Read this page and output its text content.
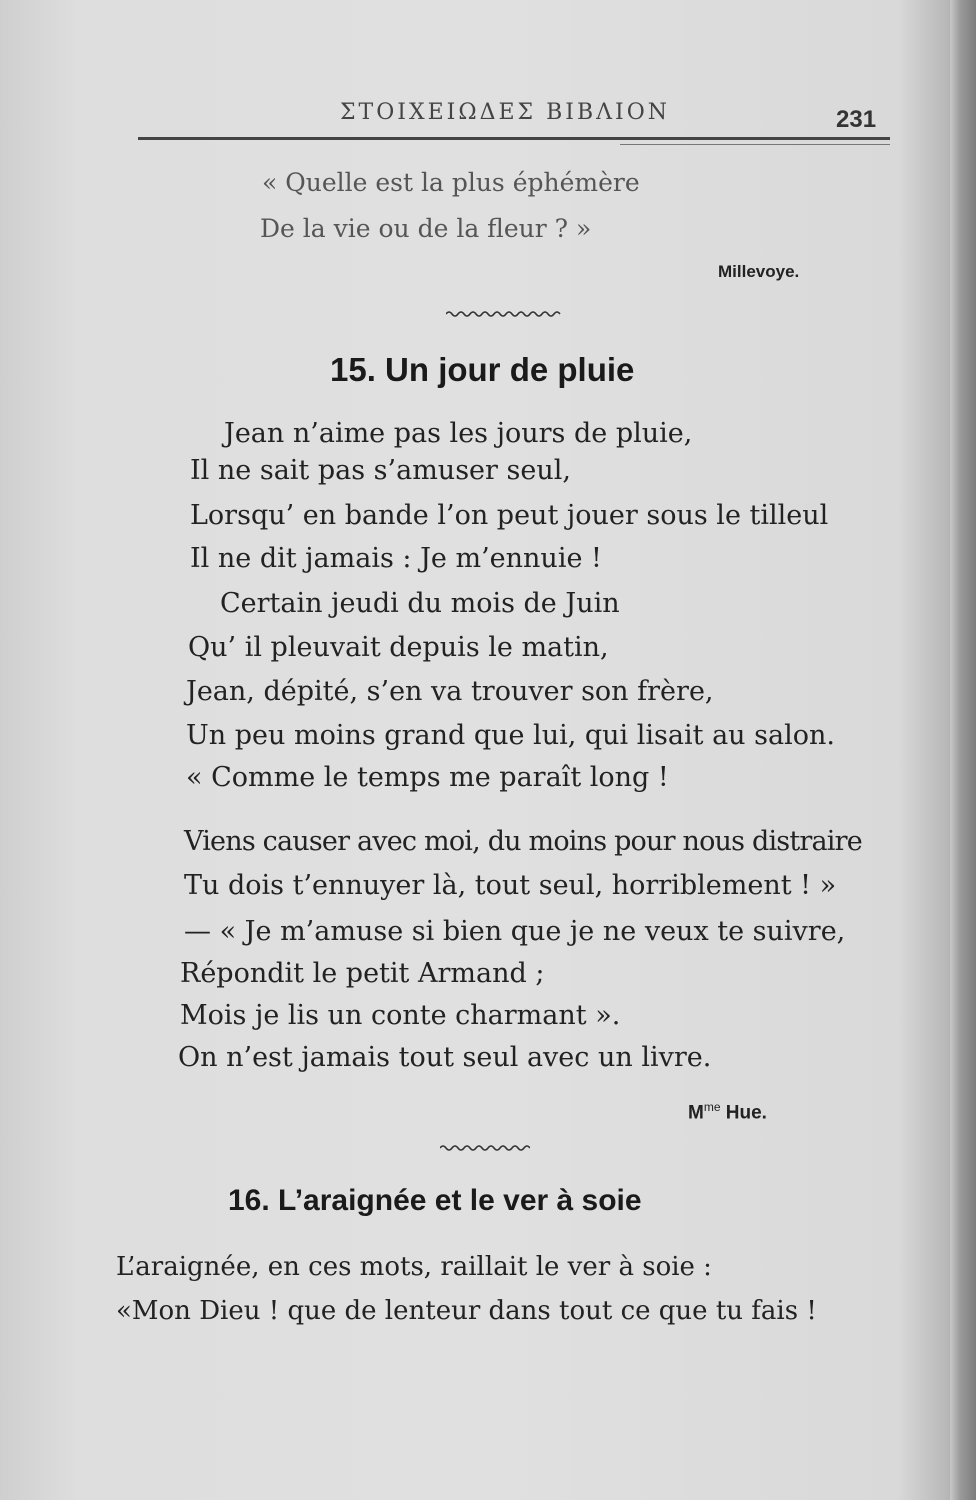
ΣΤΟΙΧΕΙΩΔΕΣ ΒΙΒΛΙΟΝ	231
« Quelle est la plus éphémère
De la vie ou de la fleur ? »
Millevoye.
15. Un jour de pluie
Jean n’aime pas les jours de pluie,
Il ne sait pas s’amuser seul,
Lorsqu’ en bande l’on peut jouer sous le tilleul
Il ne dit jamais : Je m’ennuie !
Certain jeudi du mois de Juin
Qu’ il pleuvait depuis le matin,
Jean, dépité, s’en va trouver son frère,
Un peu moins grand que lui, qui lisait au salon.
« Comme le temps me paraît long !
Viens causer avec moi, du moins pour nous distraire
Tu dois t’ennuyer là, tout seul, horriblement ! »
— « Je m’amuse si bien que je ne veux te suivre,
Répondit le petit Armand ;
Mois je lis un conte charmant ».
On n’est jamais tout seul avec un livre.
$M^{me}$ Hue.
16. L’araignée et le ver à soie
L’araignée, en ces mots, raillait le ver à soie :
«Mon Dieu ! que de lenteur dans tout ce que tu fais !
